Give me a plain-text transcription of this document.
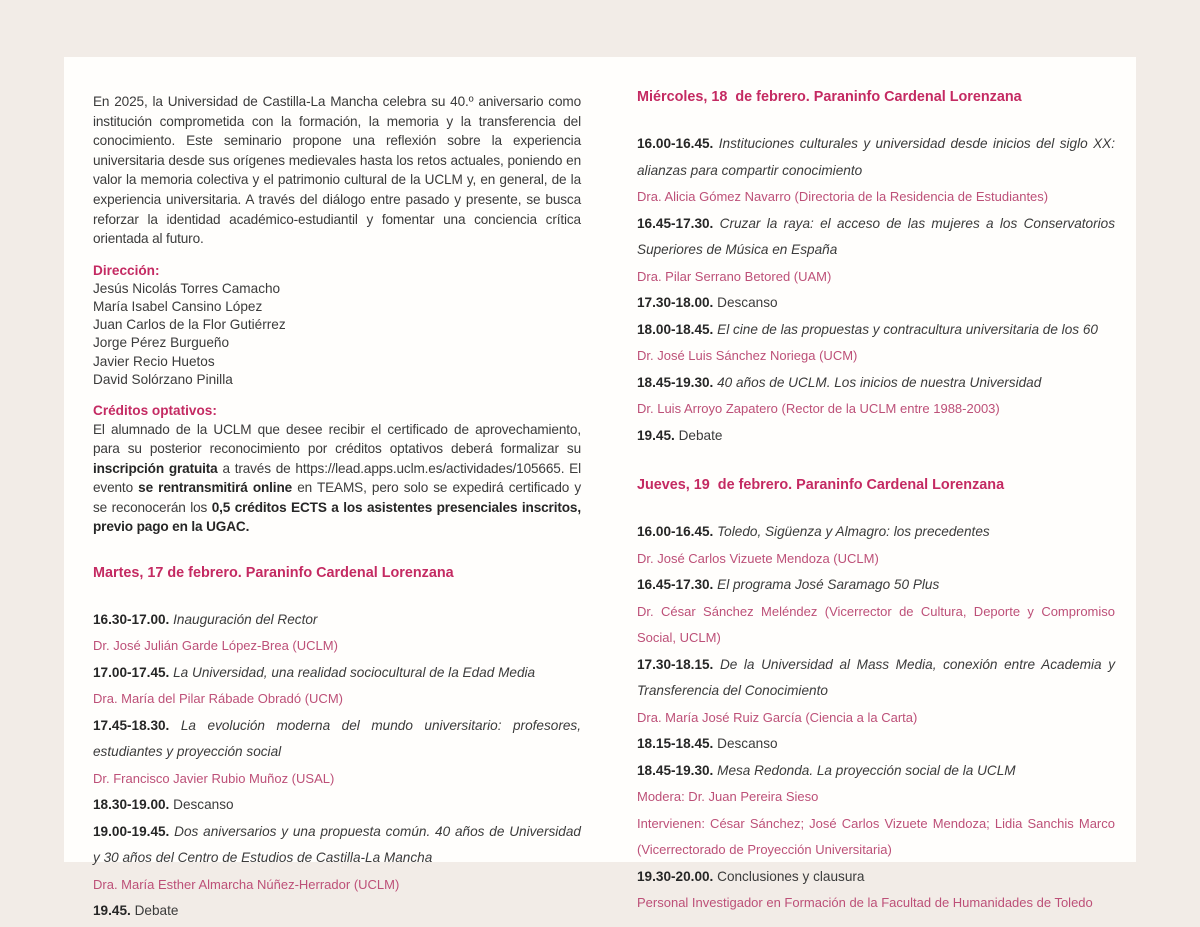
En 2025, la Universidad de Castilla-La Mancha celebra su 40.º aniversario como institución comprometida con la formación, la memoria y la transferencia del conocimiento. Este seminario propone una reflexión sobre la experiencia universitaria desde sus orígenes medievales hasta los retos actuales, poniendo en valor la memoria colectiva y el patrimonio cultural de la UCLM y, en general, de la experiencia universitaria. A través del diálogo entre pasado y presente, se busca reforzar la identidad académico-estudiantil y fomentar una conciencia crítica orientada al futuro.

Dirección:

Jesús Nicolás Torres Camacho
María Isabel Cansino López
Juan Carlos de la Flor Gutiérrez
Jorge Pérez Burgueño
Javier Recio Huetos
David Solórzano Pinilla

Créditos optativos:

El alumnado de la UCLM que desee recibir el certificado de aprovechamiento, para su posterior reconocimiento por créditos optativos deberá formalizar su inscripción gratuita a través de https://lead.apps.uclm.es/actividades/105665. El evento se rentransmitirá online en TEAMS, pero solo se expedirá certificado y se reconocerán los 0,5 créditos ECTS a los asistentes presenciales inscritos, previo pago en la UGAC.

Martes, 17 de febrero. Paraninfo Cardenal Lorenzana

16.30-17.00. Inauguración del Rector

Dr. José Julián Garde López-Brea (UCLM)

17.00-17.45. La Universidad, una realidad sociocultural de la Edad Media

Dra. María del Pilar Rábade Obradó (UCM)

17.45-18.30. La evolución moderna del mundo universitario: profesores, estudiantes y proyección social

Dr. Francisco Javier Rubio Muñoz (USAL)

18.30-19.00. Descanso

19.00-19.45. Dos aniversarios y una propuesta común. 40 años de Universidad y 30 años del Centro de Estudios de Castilla-La Mancha

Dra. María Esther Almarcha Núñez-Herrador (UCLM)

19.45. Debate

Miércoles, 18  de febrero. Paraninfo Cardenal Lorenzana

16.00-16.45. Instituciones culturales y universidad desde inicios del siglo XX: alianzas para compartir conocimiento

Dra. Alicia Gómez Navarro (Directoria de la Residencia de Estudiantes)

16.45-17.30. Cruzar la raya: el acceso de las mujeres a los Conservatorios Superiores de Música en España

Dra. Pilar Serrano Betored (UAM)

17.30-18.00. Descanso

18.00-18.45. El cine de las propuestas y contracultura universitaria de los 60

Dr. José Luis Sánchez Noriega (UCM)

18.45-19.30. 40 años de UCLM. Los inicios de nuestra Universidad

Dr. Luis Arroyo Zapatero (Rector de la UCLM entre 1988-2003)

19.45. Debate

Jueves, 19  de febrero. Paraninfo Cardenal Lorenzana

16.00-16.45. Toledo, Sigüenza y Almagro: los precedentes

Dr. José Carlos Vizuete Mendoza (UCLM)

16.45-17.30. El programa José Saramago 50 Plus

Dr. César Sánchez Meléndez (Vicerrector de Cultura, Deporte y Compromiso Social, UCLM)

17.30-18.15. De la Universidad al Mass Media, conexión entre Academia y Transferencia del Conocimiento

Dra. María José Ruiz García (Ciencia a la Carta)

18.15-18.45. Descanso

18.45-19.30. Mesa Redonda. La proyección social de la UCLM

Modera: Dr. Juan Pereira Sieso

Intervienen: César Sánchez; José Carlos Vizuete Mendoza; Lidia Sanchis Marco (Vicerrectorado de Proyección Universitaria)

19.30-20.00. Conclusiones y clausura

Personal Investigador en Formación de la Facultad de Humanidades de Toledo
